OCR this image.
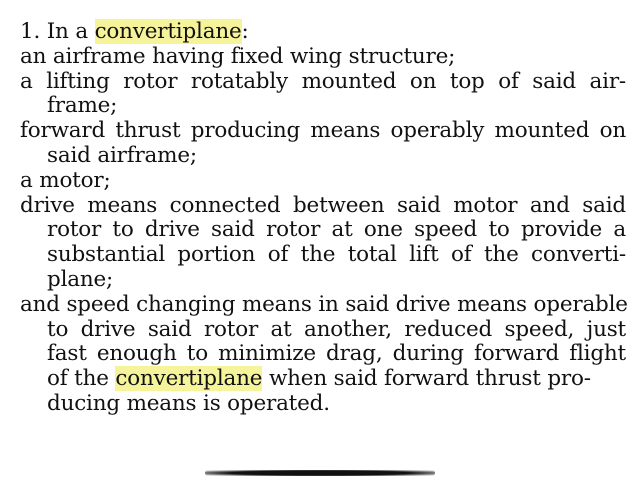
1. In a convertiplane:
an airframe having fixed wing structure;
a lifting rotor rotatably mounted on top of said air-
frame;
forward thrust producing means operably mounted on
said airframe;
a motor;
drive means connected between said motor and said
rotor to drive said rotor at one speed to provide a
substantial portion of the total lift of the converti-
plane;
and speed changing means in said drive means operable
to drive said rotor at another, reduced speed, just
fast enough to minimize drag, during forward flight
of the convertiplane when said forward thrust pro-
ducing means is operated.
